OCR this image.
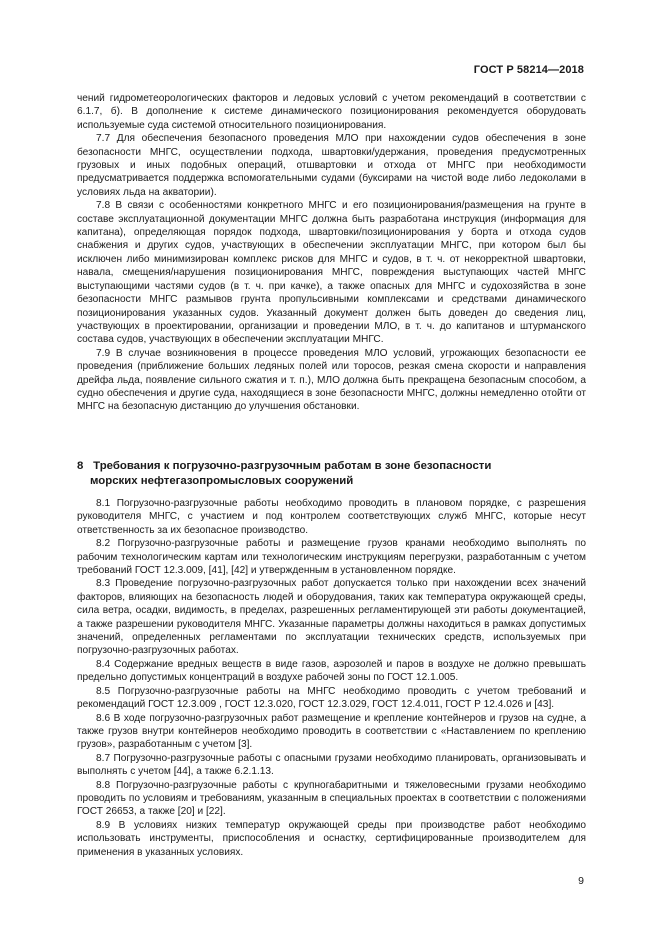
ГОСТ Р 58214—2018

чений гидрометеорологических факторов и ледовых условий с учетом рекомендаций в соответствии с 6.1.7, б). В дополнение к системе динамического позиционирования рекомендуется оборудовать используемые суда системой относительного позиционирования.

7.7 Для обеспечения безопасного проведения МЛО при нахождении судов обеспечения в зоне безопасности МНГС, осуществлении подхода, швартовки/удержания, проведения предусмотренных грузовых и иных подобных операций, отшвартовки и отхода от МНГС при необходимости предусматривается поддержка вспомогательными судами (буксирами на чистой воде либо ледоколами в условиях льда на акватории).

7.8 В связи с особенностями конкретного МНГС и его позиционирования/размещения на грунте в составе эксплуатационной документации МНГС должна быть разработана инструкция (информация для капитана), определяющая порядок подхода, швартовки/позиционирования у борта и отхода судов снабжения и других судов, участвующих в обеспечении эксплуатации МНГС, при котором был бы исключен либо минимизирован комплекс рисков для МНГС и судов, в т. ч. от некорректной швартовки, навала, смещения/нарушения позиционирования МНГС, повреждения выступающих частей МНГС выступающими частями судов (в т. ч. при качке), а также опасных для МНГС и судохозяйства в зоне безопасности МНГС размывов грунта пропульсивными комплексами и средствами динамического позиционирования указанных судов. Указанный документ должен быть доведен до сведения лиц, участвующих в проектировании, организации и проведении МЛО, в т. ч. до капитанов и штурманского состава судов, участвующих в обеспечении эксплуатации МНГС.

7.9 В случае возникновения в процессе проведения МЛО условий, угрожающих безопасности ее проведения (приближение больших ледяных полей или торосов, резкая смена скорости и направления дрейфа льда, появление сильного сжатия и т. п.), МЛО должна быть прекращена безопасным способом, а судно обеспечения и другие суда, находящиеся в зоне безопасности МНГС, должны немедленно отойти от МНГС на безопасную дистанцию до улучшения обстановки.

8 Требования к погрузочно-разгрузочным работам в зоне безопасности
морских нефтегазопромысловых сооружений

8.1 Погрузочно-разгрузочные работы необходимо проводить в плановом порядке, с разрешения руководителя МНГС, с участием и под контролем соответствующих служб МНГС, которые несут ответственность за их безопасное производство.

8.2 Погрузочно-разгрузочные работы и размещение грузов кранами необходимо выполнять по рабочим технологическим картам или технологическим инструкциям перегрузки, разработанным с учетом требований ГОСТ 12.3.009, [41], [42] и утвержденным в установленном порядке.

8.3 Проведение погрузочно-разгрузочных работ допускается только при нахождении всех значений факторов, влияющих на безопасность людей и оборудования, таких как температура окружающей среды, сила ветра, осадки, видимость, в пределах, разрешенных регламентирующей эти работы документацией, а также разрешении руководителя МНГС. Указанные параметры должны находиться в рамках допустимых значений, определенных регламентами по эксплуатации технических средств, используемых при погрузочно-разгрузочных работах.

8.4 Содержание вредных веществ в виде газов, аэрозолей и паров в воздухе не должно превышать предельно допустимых концентраций в воздухе рабочей зоны по ГОСТ 12.1.005.

8.5 Погрузочно-разгрузочные работы на МНГС необходимо проводить с учетом требований и рекомендаций ГОСТ 12.3.009 , ГОСТ 12.3.020, ГОСТ 12.3.029, ГОСТ 12.4.011, ГОСТ Р 12.4.026 и [43].

8.6 В ходе погрузочно-разгрузочных работ размещение и крепление контейнеров и грузов на судне, а также грузов внутри контейнеров необходимо проводить в соответствии с «Наставлением по креплению грузов», разработанным с учетом [3].

8.7 Погрузочно-разгрузочные работы с опасными грузами необходимо планировать, организовывать и выполнять с учетом [44], а также 6.2.1.13.

8.8 Погрузочно-разгрузочные работы с крупногабаритными и тяжеловесными грузами необходимо проводить по условиям и требованиям, указанным в специальных проектах в соответствии с положениями ГОСТ 26653, а также [20] и [22].

8.9 В условиях низких температур окружающей среды при производстве работ необходимо использовать инструменты, приспособления и оснастку, сертифицированные производителем для применения в указанных условиях.

9
